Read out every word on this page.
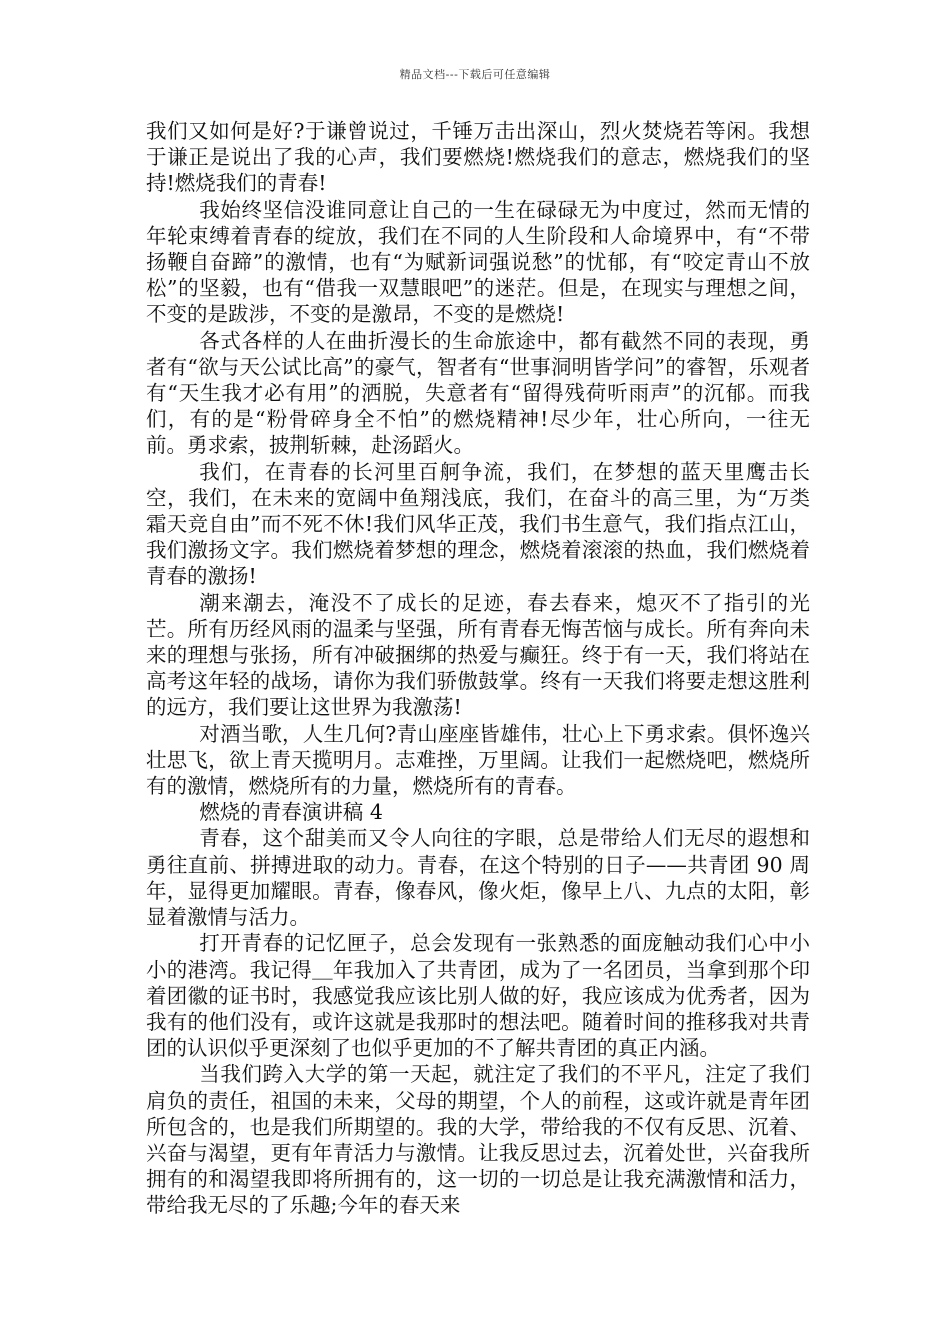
精品文档---下载后可任意编辑

我们又如何是好?于谦曾说过，千锤万击出深山，烈火焚烧若等闲。我想于谦正是说出了我的心声，我们要燃烧!燃烧我们的意志，燃烧我们的坚持!燃烧我们的青春!

我始终坚信没谁同意让自己的一生在碌碌无为中度过，然而无情的年轮束缚着青春的绽放，我们在不同的人生阶段和人命境界中，有“不带扬鞭自奋蹄”的激情，也有“为赋新词强说愁”的忧郁，有“咬定青山不放松”的坚毅，也有“借我一双慧眼吧”的迷茫。但是，在现实与理想之间，不变的是跋涉，不变的是激昂，不变的是燃烧!

各式各样的人在曲折漫长的生命旅途中，都有截然不同的表现，勇者有“欲与天公试比高”的豪气，智者有“世事洞明皆学问”的睿智，乐观者有“天生我才必有用”的洒脱，失意者有“留得残荷听雨声”的沉郁。而我们，有的是“粉骨碎身全不怕”的燃烧精神!尽少年，壮心所向，一往无前。勇求索，披荆斩棘，赴汤蹈火。

我们，在青春的长河里百舸争流，我们，在梦想的蓝天里鹰击长空，我们，在未来的宽阔中鱼翔浅底，我们，在奋斗的高三里，为“万类霜天竞自由”而不死不休!我们风华正茂，我们书生意气，我们指点江山，我们激扬文字。我们燃烧着梦想的理念，燃烧着滚滚的热血，我们燃烧着青春的激扬!

潮来潮去，淹没不了成长的足迹，春去春来，熄灭不了指引的光芒。所有历经风雨的温柔与坚强，所有青春无悔苦恼与成长。所有奔向未来的理想与张扬，所有冲破捆绑的热爱与癫狂。终于有一天，我们将站在高考这年轻的战场，请你为我们骄傲鼓掌。终有一天我们将要走想这胜利的远方，我们要让这世界为我激荡!

对酒当歌，人生几何?青山座座皆雄伟，壮心上下勇求索。俱怀逸兴壮思飞，欲上青天揽明月。志难挫，万里阔。让我们一起燃烧吧，燃烧所有的激情，燃烧所有的力量，燃烧所有的青春。

燃烧的青春演讲稿 4

青春，这个甜美而又令人向往的字眼，总是带给人们无尽的遐想和勇往直前、拼搏进取的动力。青春，在这个特别的日子——共青团 90 周年，显得更加耀眼。青春，像春风，像火炬，像早上八、九点的太阳，彰显着激情与活力。

打开青春的记忆匣子，总会发现有一张熟悉的面庞触动我们心中小小的港湾。我记得＿年我加入了共青团，成为了一名团员，当拿到那个印着团徽的证书时，我感觉我应该比别人做的好，我应该成为优秀者，因为我有的他们没有，或许这就是我那时的想法吧。随着时间的推移我对共青团的认识似乎更深刻了也似乎更加的不了解共青团的真正内涵。

当我们跨入大学的第一天起，就注定了我们的不平凡，注定了我们肩负的责任，祖国的未来，父母的期望，个人的前程，这或许就是青年团所包含的，也是我们所期望的。我的大学，带给我的不仅有反思、沉着、兴奋与渴望，更有年青活力与激情。让我反思过去，沉着处世，兴奋我所拥有的和渴望我即将所拥有的，这一切的一切总是让我充满激情和活力，带给我无尽的了乐趣;今年的春天来
